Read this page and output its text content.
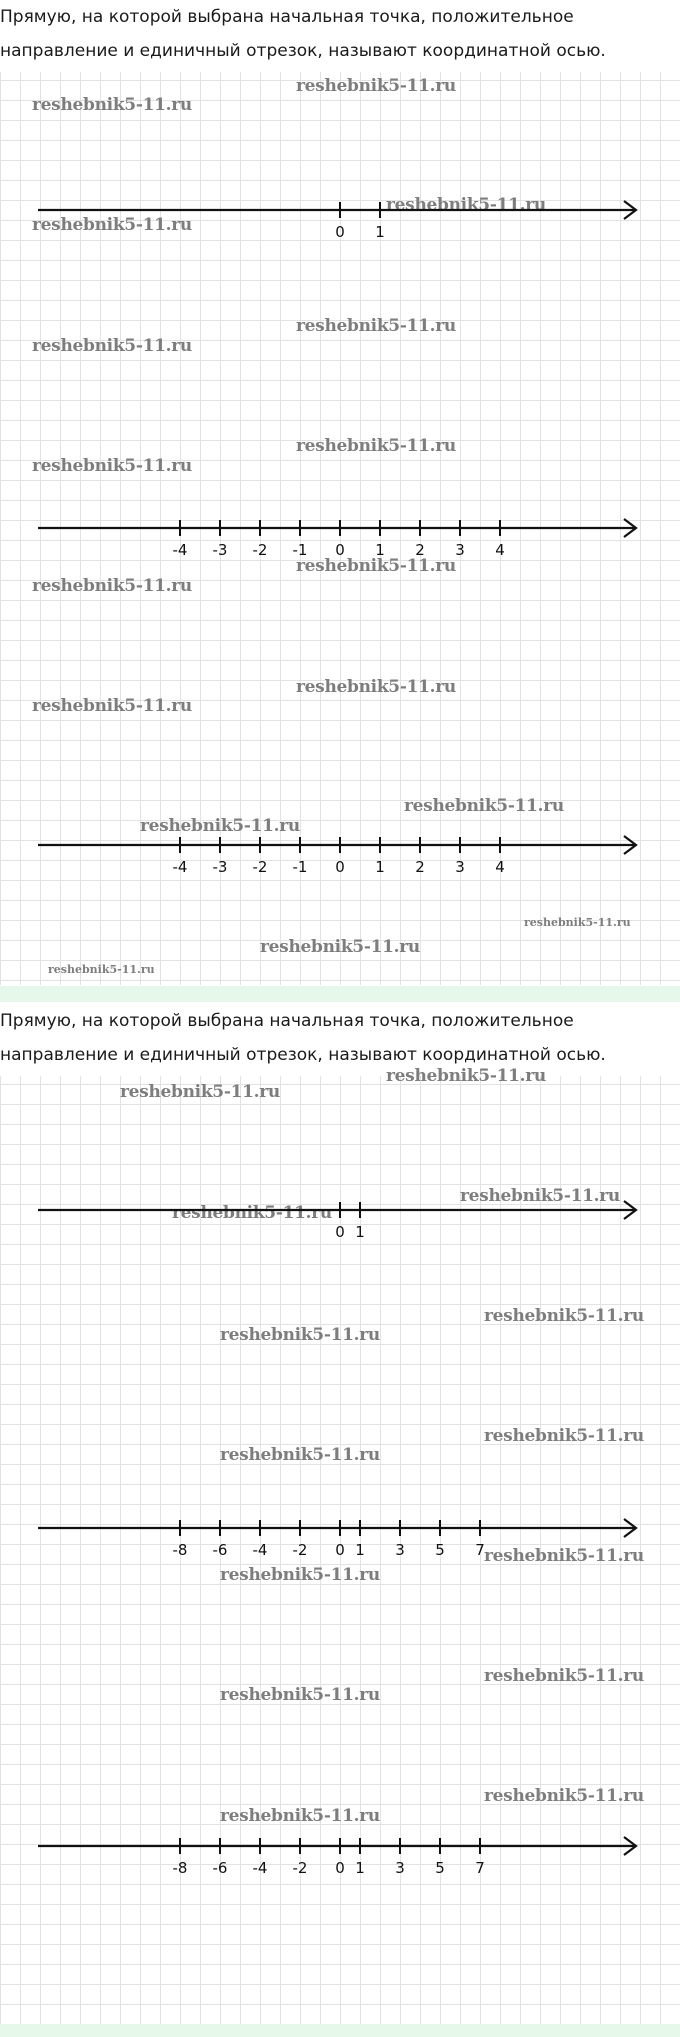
Прямую, на которой выбрана начальная точка, положительное направление и единичный отрезок, называют координатной осью.
reshebnik5-11.ru
reshebnik5-11.ru
reshebnik5-11.ru
reshebnik5-11.ru
reshebnik5-11.ru
reshebnik5-11.ru
reshebnik5-11.ru
reshebnik5-11.ru
reshebnik5-11.ru
reshebnik5-11.ru
reshebnik5-11.ru
reshebnik5-11.ru
reshebnik5-11.ru
reshebnik5-11.ru
reshebnik5-11.ru
reshebnik5-11.ru
reshebnik5-11.ru
0 1
-4 -3 -2 -1 0 1 2 3 4
-4 -3 -2 -1 0 1 2 3 4
Прямую, на которой выбрана начальная точка, положительное направление и единичный отрезок, называют координатной осью.
reshebnik5-11.ru
reshebnik5-11.ru
reshebnik5-11.ru
reshebnik5-11.ru
reshebnik5-11.ru
reshebnik5-11.ru
reshebnik5-11.ru
reshebnik5-11.ru
reshebnik5-11.ru
reshebnik5-11.ru
reshebnik5-11.ru
reshebnik5-11.ru
reshebnik5-11.ru
reshebnik5-11.ru
0 1
-8 -6 -4 -2 0 1 3 5 7
-8 -6 -4 -2 0 1 3 5 7
